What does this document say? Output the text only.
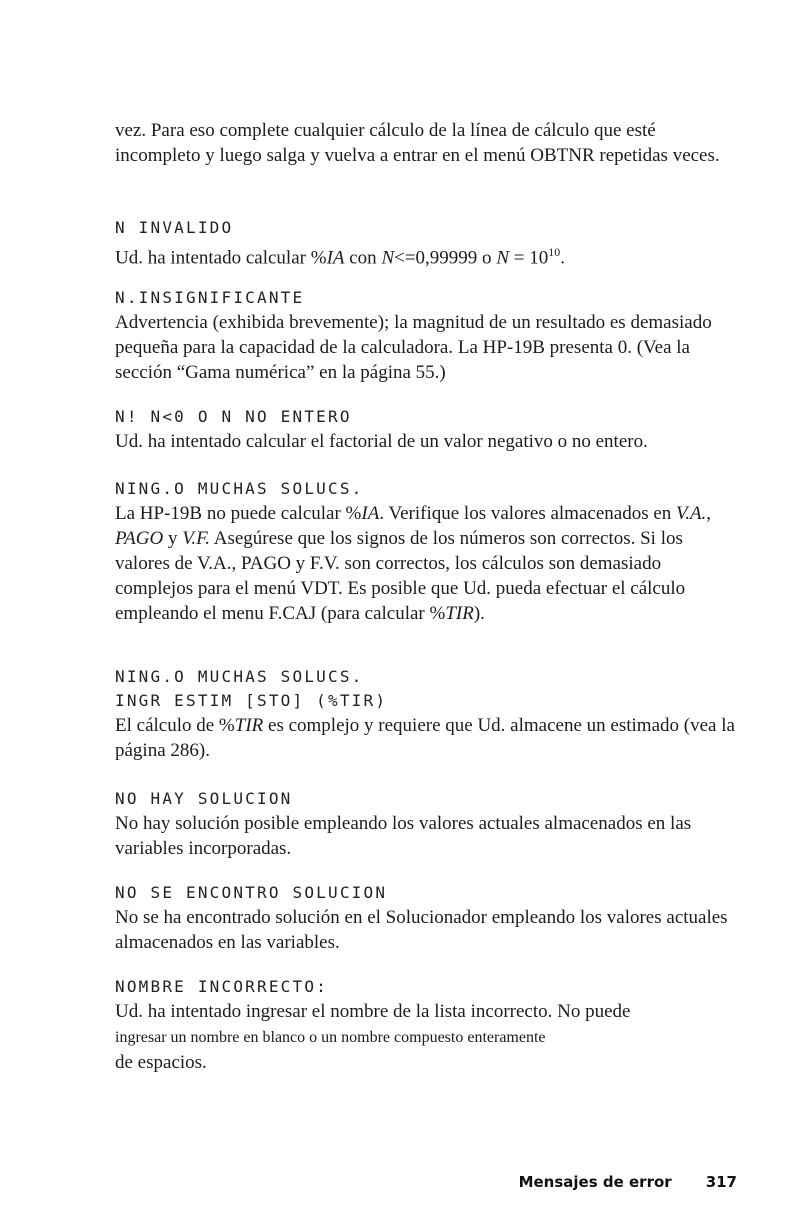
vez. Para eso complete cualquier cálculo de la línea de cálculo que esté incompleto y luego salga y vuelva a entrar en el menú OBTNR repetidas veces.

N INVALIDO

Ud. ha intentado calcular %IA con N<=0,99999 o $N = 10^{10}$.

N.INSIGNIFICANTE

Advertencia (exhibida brevemente); la magnitud de un resultado es demasiado pequeña para la capacidad de la calculadora. La HP-19B presenta 0. (Vea la sección “Gama numérica” en la página 55.)

N! N<0 O N NO ENTERO

Ud. ha intentado calcular el factorial de un valor negativo o no entero.

NING.O MUCHAS SOLUCS.

La HP-19B no puede calcular %IA. Verifique los valores almacenados en V.A., PAGO y V.F. Asegúrese que los signos de los números son correctos. Si los valores de V.A., PAGO y F.V. son correctos, los cálculos son demasiado complejos para el menú VDT. Es posible que Ud. pueda efectuar el cálculo empleando el menu F.CAJ (para calcular %TIR).

NING.O MUCHAS SOLUCS.
INGR ESTIM [STO] (%TIR)

El cálculo de %TIR es complejo y requiere que Ud. almacene un estimado (vea la página 286).

NO HAY SOLUCION

No hay solución posible empleando los valores actuales almacenados en las variables incorporadas.

NO SE ENCONTRO SOLUCION

No se ha encontrado solución en el Solucionador empleando los valores actuales almacenados en las variables.

NOMBRE INCORRECTO:

Ud. ha intentado ingresar el nombre de la lista incorrecto. No puede
ingresar un nombre en blanco o un nombre compuesto enteramente
de espacios.

Mensajes de error 317
